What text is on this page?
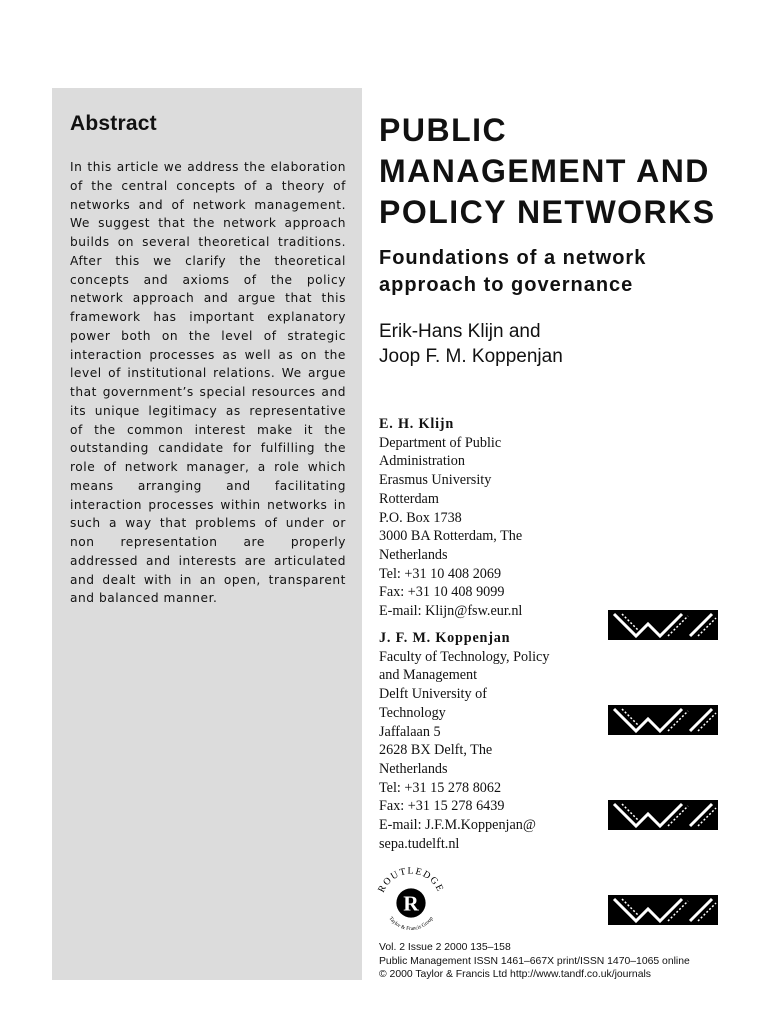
Abstract

In this article we address the elaboration of the central concepts of a theory of networks and of network management. We suggest that the network approach builds on several theoretical traditions. After this we clarify the theoretical concepts and axioms of the policy network approach and argue that this framework has important explanatory power both on the level of strategic interaction processes as well as on the level of institutional relations. We argue that government’s special resources and its unique legitimacy as representative of the common interest make it the outstanding candidate for fulfilling the role of network manager, a role which means arranging and facilitating interaction processes within networks in such a way that problems of under or non representation are properly addressed and interests are articulated and dealt with in an open, transparent and balanced manner.

PUBLIC
MANAGEMENT AND
POLICY NETWORKS
Foundations of a network
approach to governance
Erik-Hans Klijn and
Joop F. M. Koppenjan
E. H. Klijn
Department of Public
Administration
Erasmus University
Rotterdam
P.O. Box 1738
3000 BA Rotterdam, The
Netherlands
Tel: +31 10 408 2069
Fax: +31 10 408 9099
E-mail: Klijn@fsw.eur.nl
J. F. M. Koppenjan
Faculty of Technology, Policy
and Management
Delft University of
Technology
Jaffalaan 5
2628 BX Delft, The
Netherlands
Tel: +31 15 278 8062
Fax: +31 15 278 6439
E-mail: J.F.M.Koppenjan@
sepa.tudelft.nl
R
ROUTLEDGE
Taylor & Francis Group
Vol. 2 Issue 2 2000 135–158
Public Management ISSN 1461–667X print/ISSN 1470–1065 online
© 2000 Taylor & Francis Ltd http://www.tandf.co.uk/journals
